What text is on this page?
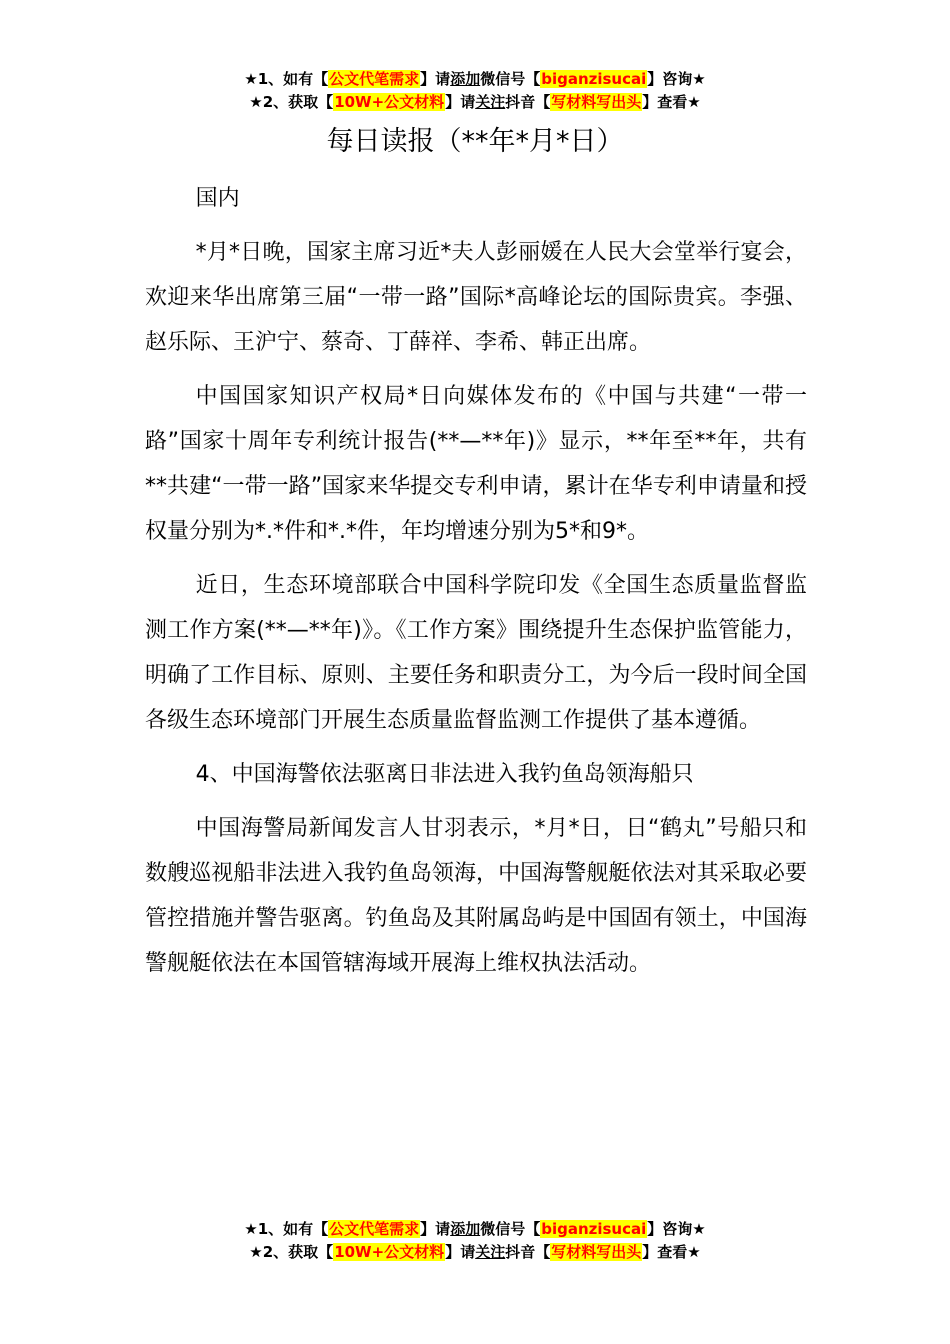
★1、如有【公文代笔需求】请添加微信号【biganzisucai】咨询★
★2、获取【10W+公文材料】请关注抖音【写材料写出头】查看★
每日读报（**年*月*日）

国内

*月*日晚，国家主席习近*夫人彭丽媛在人民大会堂举行宴会，欢迎来华出席第三届“一带一路”国际*高峰论坛的国际贵宾。李强、赵乐际、王沪宁、蔡奇、丁薛祥、李希、韩正出席。

中国国家知识产权局*日向媒体发布的《中国与共建“一带一路”国家十周年专利统计报告(**—**年)》显示，**年至**年，共有**共建“一带一路”国家来华提交专利申请，累计在华专利申请量和授权量分别为*.*件和*.*件，年均增速分别为5*和9*。

近日，生态环境部联合中国科学院印发《全国生态质量监督监测工作方案(**—**年)》。《工作方案》围绕提升生态保护监管能力，明确了工作目标、原则、主要任务和职责分工，为今后一段时间全国各级生态环境部门开展生态质量监督监测工作提供了基本遵循。

4、中国海警依法驱离日非法进入我钓鱼岛领海船只

中国海警局新闻发言人甘羽表示，*月*日，日“鹤丸”号船只和数艘巡视船非法进入我钓鱼岛领海，中国海警舰艇依法对其采取必要管控措施并警告驱离。钓鱼岛及其附属岛屿是中国固有领土，中国海警舰艇依法在本国管辖海域开展海上维权执法活动。

★1、如有【公文代笔需求】请添加微信号【biganzisucai】咨询★
★2、获取【10W+公文材料】请关注抖音【写材料写出头】查看★
